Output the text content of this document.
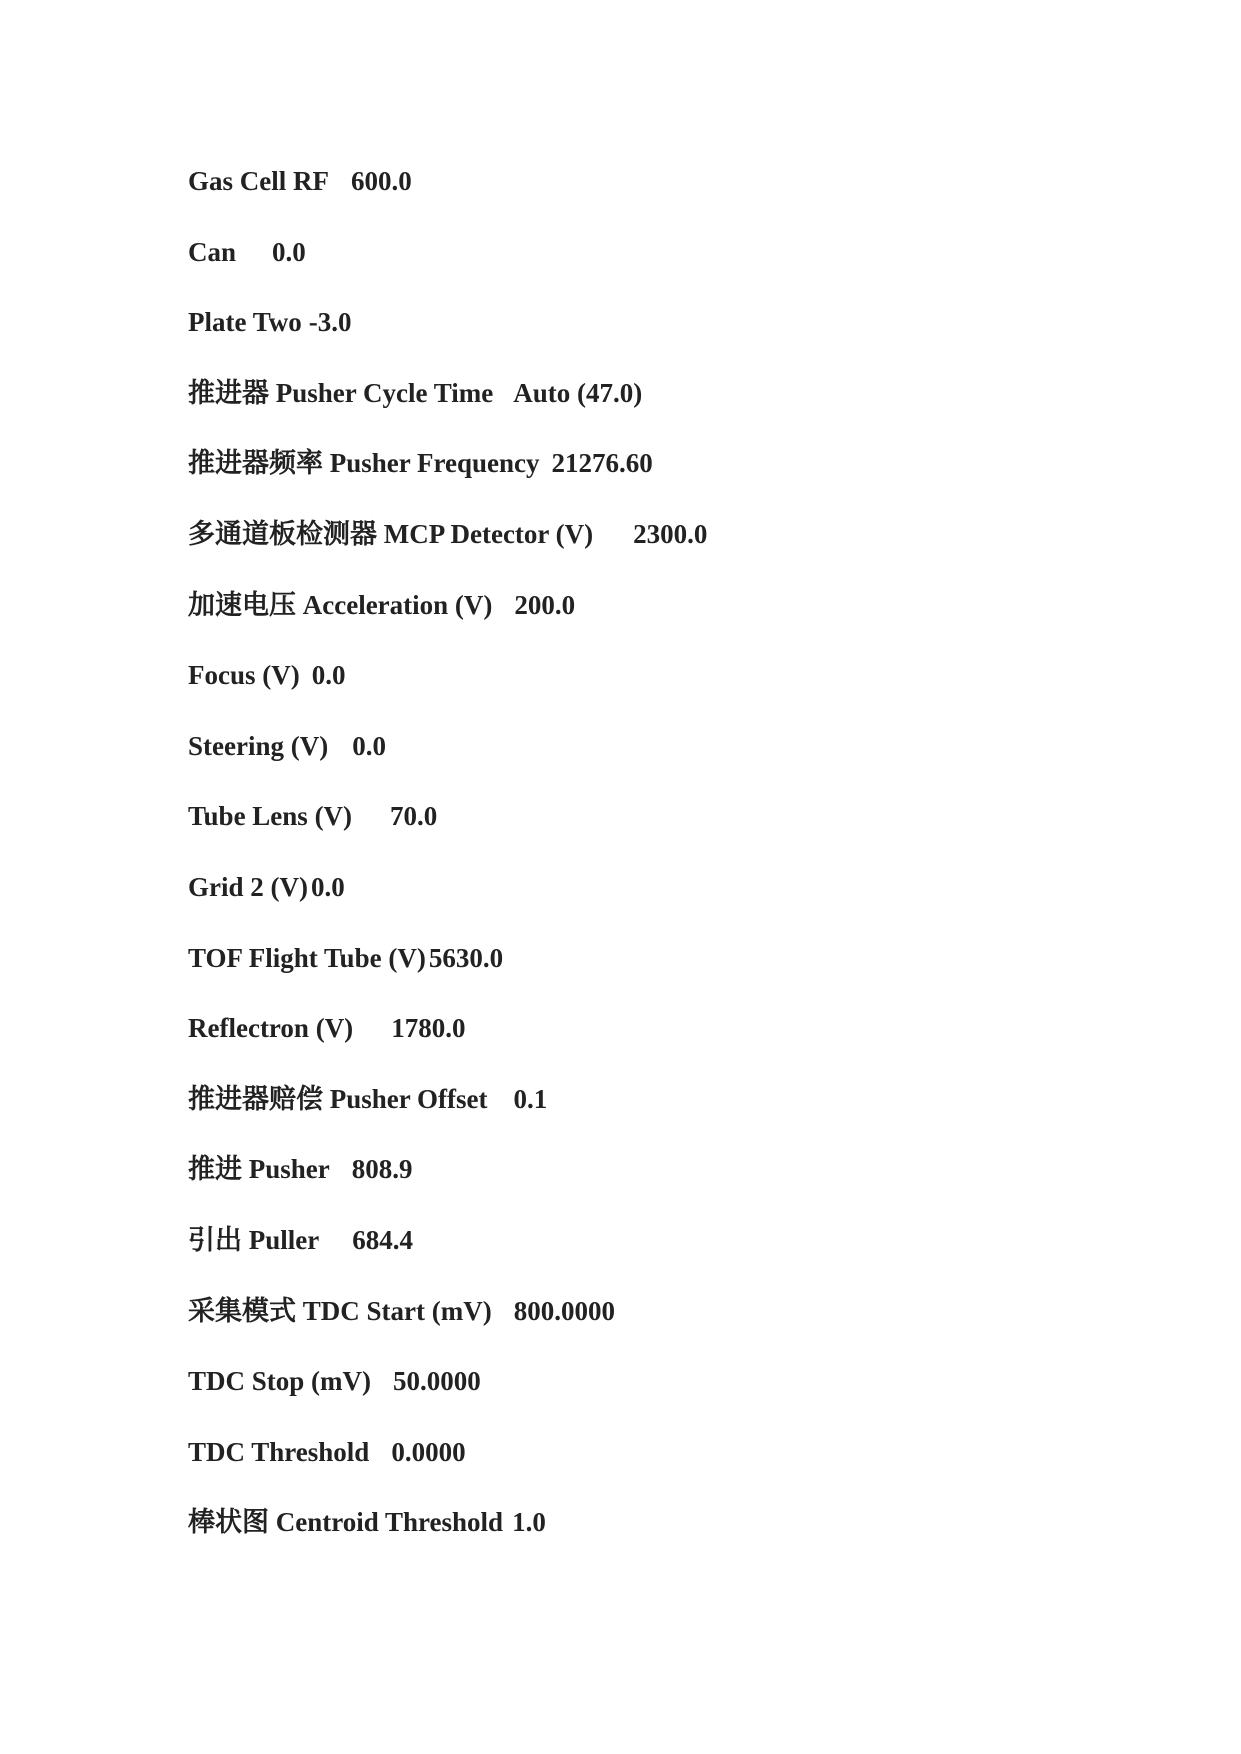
Gas Cell RF 600.0
Can 0.0
Plate Two -3.0
推进器 Pusher Cycle Time Auto (47.0)
推进器频率 Pusher Frequency 21276.60
多通道板检测器 MCP Detector (V) 2300.0
加速电压 Acceleration (V) 200.0
Focus (V) 0.0
Steering (V) 0.0
Tube Lens (V) 70.0
Grid 2 (V) 0.0
TOF Flight Tube (V) 5630.0
Reflectron (V) 1780.0
推进器赔偿 Pusher Offset 0.1
推进 Pusher 808.9
引出 Puller 684.4
采集模式 TDC Start (mV) 800.0000
TDC Stop (mV) 50.0000
TDC Threshold 0.0000
棒状图 Centroid Threshold 1.0
